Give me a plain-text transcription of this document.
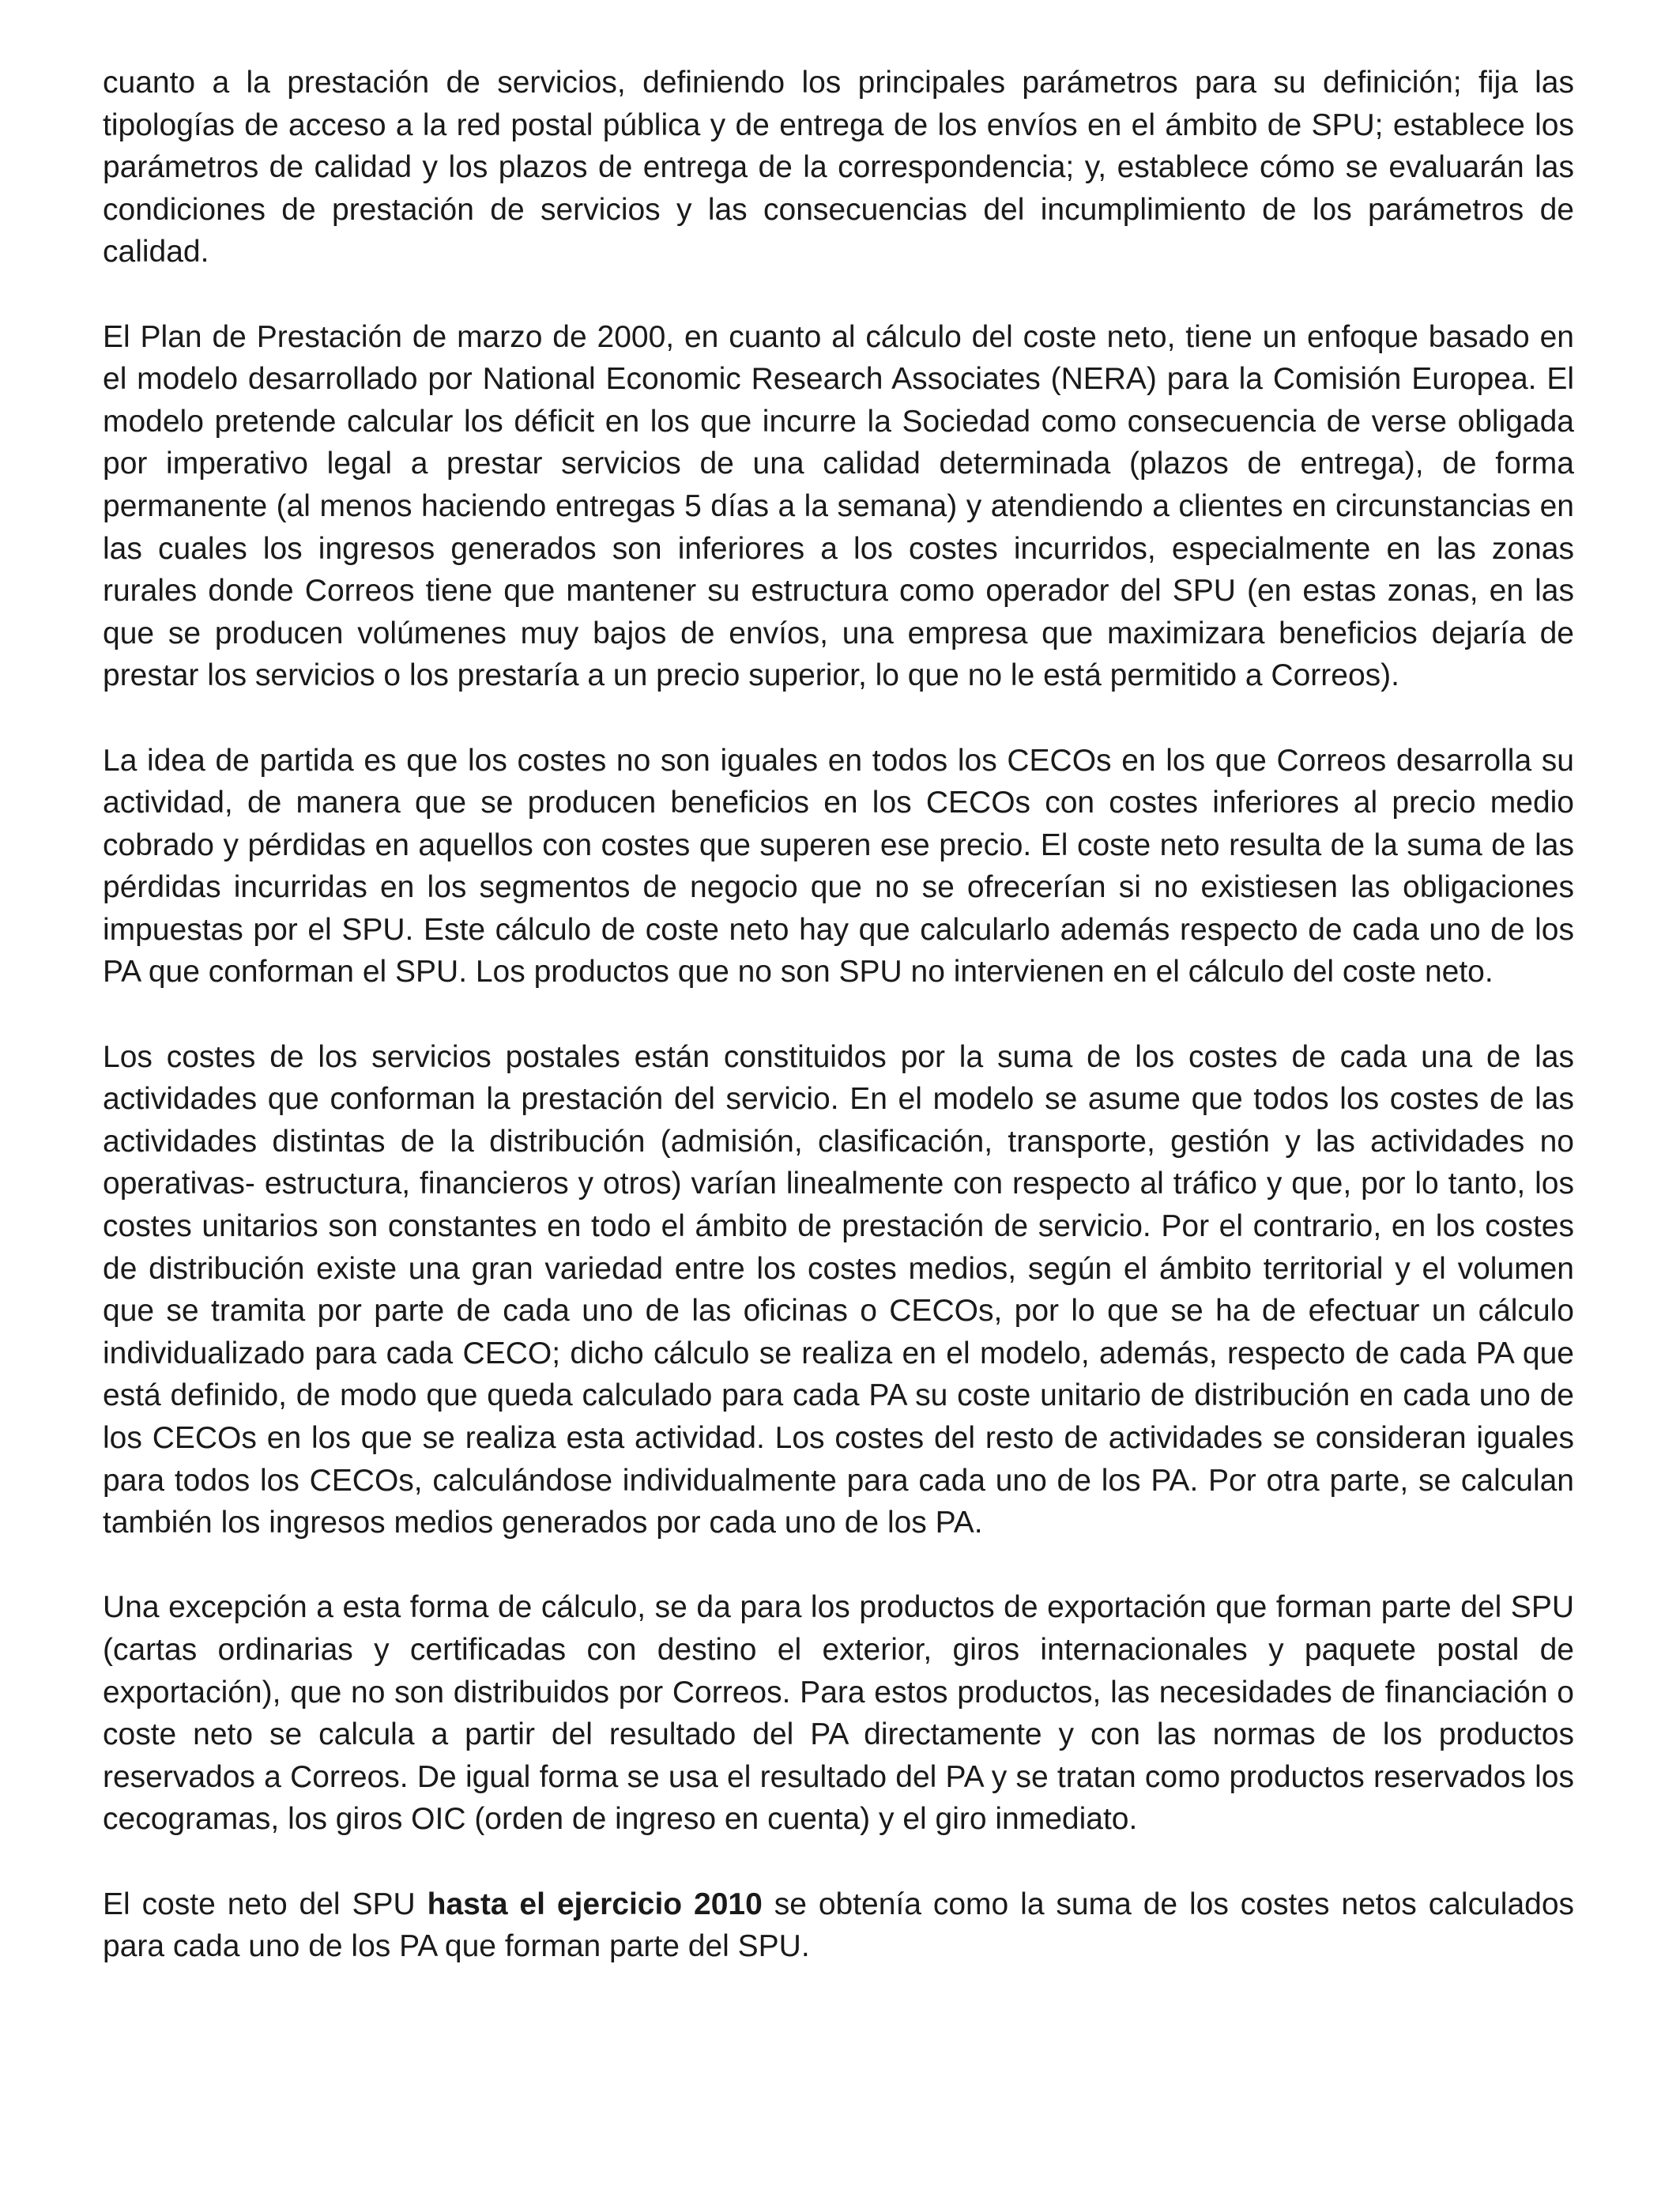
cuanto a la prestación de servicios, definiendo los principales parámetros para su definición; fija las tipologías de acceso a la red postal pública y de entrega de los envíos en el ámbito de SPU; establece los parámetros de calidad y los plazos de entrega de la correspondencia; y, establece cómo se evaluarán las condiciones de prestación de servicios y las consecuencias del incumplimiento de los parámetros de calidad.

El Plan de Prestación de marzo de 2000, en cuanto al cálculo del coste neto, tiene un enfoque basado en el modelo desarrollado por National Economic Research Associates (NERA) para la Comisión Europea. El modelo pretende calcular los déficit en los que incurre la Sociedad como consecuencia de verse obligada por imperativo legal a prestar servicios de una calidad determinada (plazos de entrega), de forma permanente (al menos haciendo entregas 5 días a la semana) y atendiendo a clientes en circunstancias en las cuales los ingresos generados son inferiores a los costes incurridos, especialmente en las zonas rurales donde Correos tiene que mantener su estructura como operador del SPU (en estas zonas, en las que se producen volúmenes muy bajos de envíos, una empresa que maximizara beneficios dejaría de prestar los servicios o los prestaría a un precio superior, lo que no le está permitido a Correos).

La idea de partida es que los costes no son iguales en todos los CECOs en los que Correos desarrolla su actividad, de manera que se producen beneficios en los CECOs con costes inferiores al precio medio cobrado y pérdidas en aquellos con costes que superen ese precio. El coste neto resulta de la suma de las pérdidas incurridas en los segmentos de negocio que no se ofrecerían si no existiesen las obligaciones impuestas por el SPU. Este cálculo de coste neto hay que calcularlo además respecto de cada uno de los PA que conforman el SPU. Los productos que no son SPU no intervienen en el cálculo del coste neto.

Los costes de los servicios postales están constituidos por la suma de los costes de cada una de las actividades que conforman la prestación del servicio. En el modelo se asume que todos los costes de las actividades distintas de la distribución (admisión, clasificación, transporte, gestión y las actividades no operativas- estructura, financieros y otros) varían linealmente con respecto al tráfico y que, por lo tanto, los costes unitarios son constantes en todo el ámbito de prestación de servicio. Por el contrario, en los costes de distribución existe una gran variedad entre los costes medios, según el ámbito territorial y el volumen que se tramita por parte de cada uno de las oficinas o CECOs, por lo que se ha de efectuar un cálculo individualizado para cada CECO; dicho cálculo se realiza en el modelo, además, respecto de cada PA que está definido, de modo que queda calculado para cada PA su coste unitario de distribución en cada uno de los CECOs en los que se realiza esta actividad. Los costes del resto de actividades se consideran iguales para todos los CECOs, calculándose individualmente para cada uno de los PA. Por otra parte, se calculan también los ingresos medios generados por cada uno de los PA.

Una excepción a esta forma de cálculo, se da para los productos de exportación que forman parte del SPU (cartas ordinarias y certificadas con destino el exterior, giros internacionales y paquete postal de exportación), que no son distribuidos por Correos. Para estos productos, las necesidades de financiación o coste neto se calcula a partir del resultado del PA directamente y con las normas de los productos reservados a Correos. De igual forma se usa el resultado del PA y se tratan como productos reservados los cecogramas, los giros OIC (orden de ingreso en cuenta) y el giro inmediato.

El coste neto del SPU hasta el ejercicio 2010 se obtenía como la suma de los costes netos calculados para cada uno de los PA que forman parte del SPU.
